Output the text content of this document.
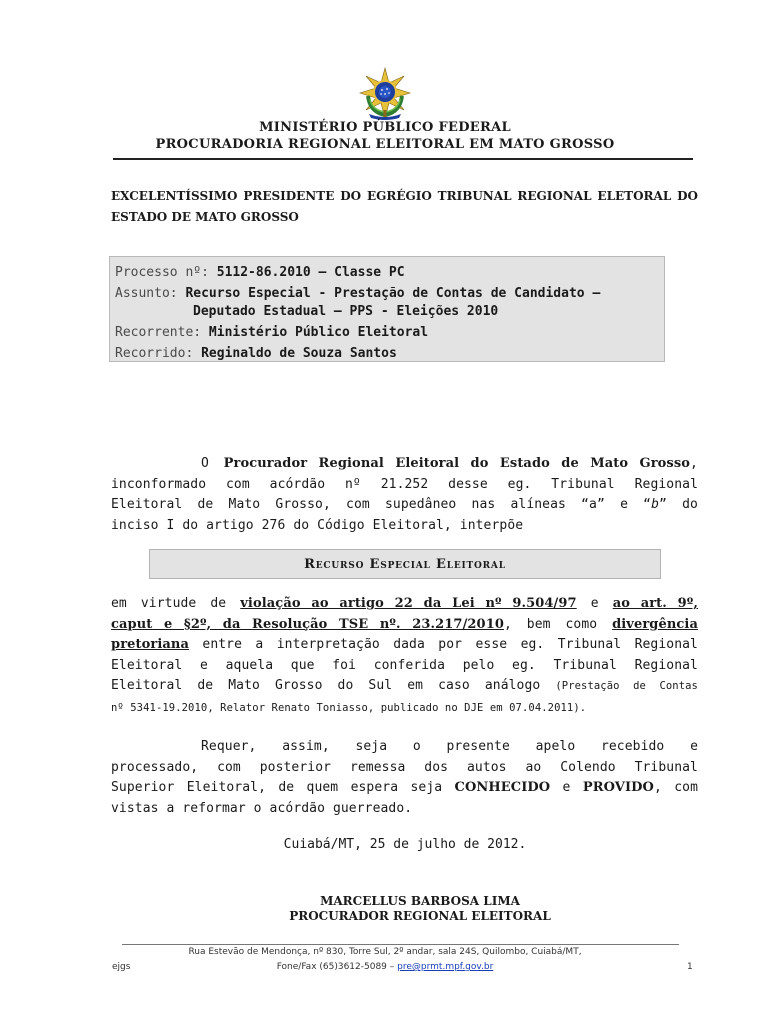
MINISTÉRIO PÚBLICO FEDERAL
PROCURADORIA REGIONAL ELEITORAL EM MATO GROSSO
EXCELENTÍSSIMO PRESIDENTE DO EGRÉGIO TRIBUNAL REGIONAL ELETORAL DO
ESTADO DE MATO GROSSO
Processo nº: 5112-86.2010 – Classe PC
Assunto: Recurso Especial - Prestação de Contas de Candidato –
Deputado Estadual – PPS - Eleições 2010
Recorrente: Ministério Público Eleitoral
Recorrido: Reginaldo de Souza Santos
O Procurador Regional Eleitoral do Estado de Mato Grosso,
inconformado com acórdão nº 21.252 desse eg. Tribunal Regional
Eleitoral de Mato Grosso, com supedâneo nas alíneas “a” e “b” do
inciso I do artigo 276 do Código Eleitoral, interpõe
Recurso Especial Eleitoral
em virtude de violação ao artigo 22 da Lei nº 9.504/97 e ao art. 9º,
caput e §2º, da Resolução TSE nº. 23.217/2010, bem como divergência
pretoriana entre a interpretação dada por esse eg. Tribunal Regional
Eleitoral e aquela que foi conferida pelo eg. Tribunal Regional
Eleitoral de Mato Grosso do Sul em caso análogo (Prestação de Contas
nº 5341-19.2010, Relator Renato Toniasso, publicado no DJE em 07.04.2011).
Requer, assim, seja o presente apelo recebido e
processado, com posterior remessa dos autos ao Colendo Tribunal
Superior Eleitoral, de quem espera seja CONHECIDO e PROVIDO, com
vistas a reformar o acórdão guerreado.
Cuiabá/MT, 25 de julho de 2012.
MARCELLUS BARBOSA LIMA
PROCURADOR REGIONAL ELEITORAL
Rua Estevão de Mendonça, nº 830, Torre Sul, 2º andar, sala 24S, Quilombo, Cuiabá/MT,
Fone/Fax (65)3612-5089 – pre@prmt.mpf.gov.br
ejgs	1
